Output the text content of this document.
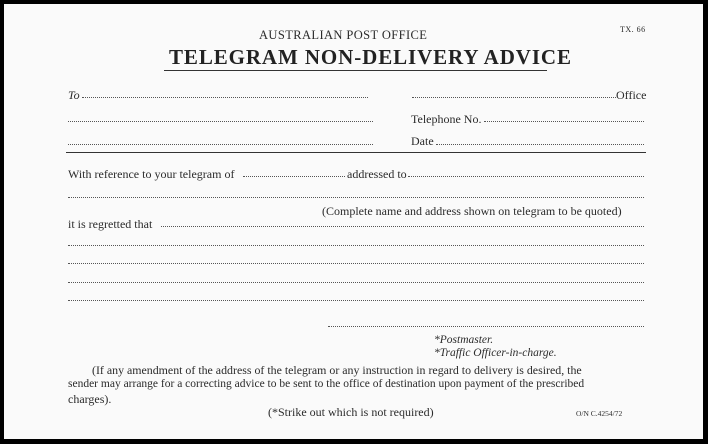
TX. 66
AUSTRALIAN POST OFFICE
TELEGRAM NON-DELIVERY ADVICE
To	Office
Telephone No.
Date
With reference to your telegram of	addressed to
(Complete name and address shown on telegram to be quoted)
it is regretted that
*Postmaster.
*Traffic Officer-in-charge.
(If any amendment of the address of the telegram or any instruction in regard to delivery is desired, the
sender may arrange for a correcting advice to be sent to the office of destination upon payment of the prescribed
charges).
(*Strike out which is not required)	O/N C.4254/72
